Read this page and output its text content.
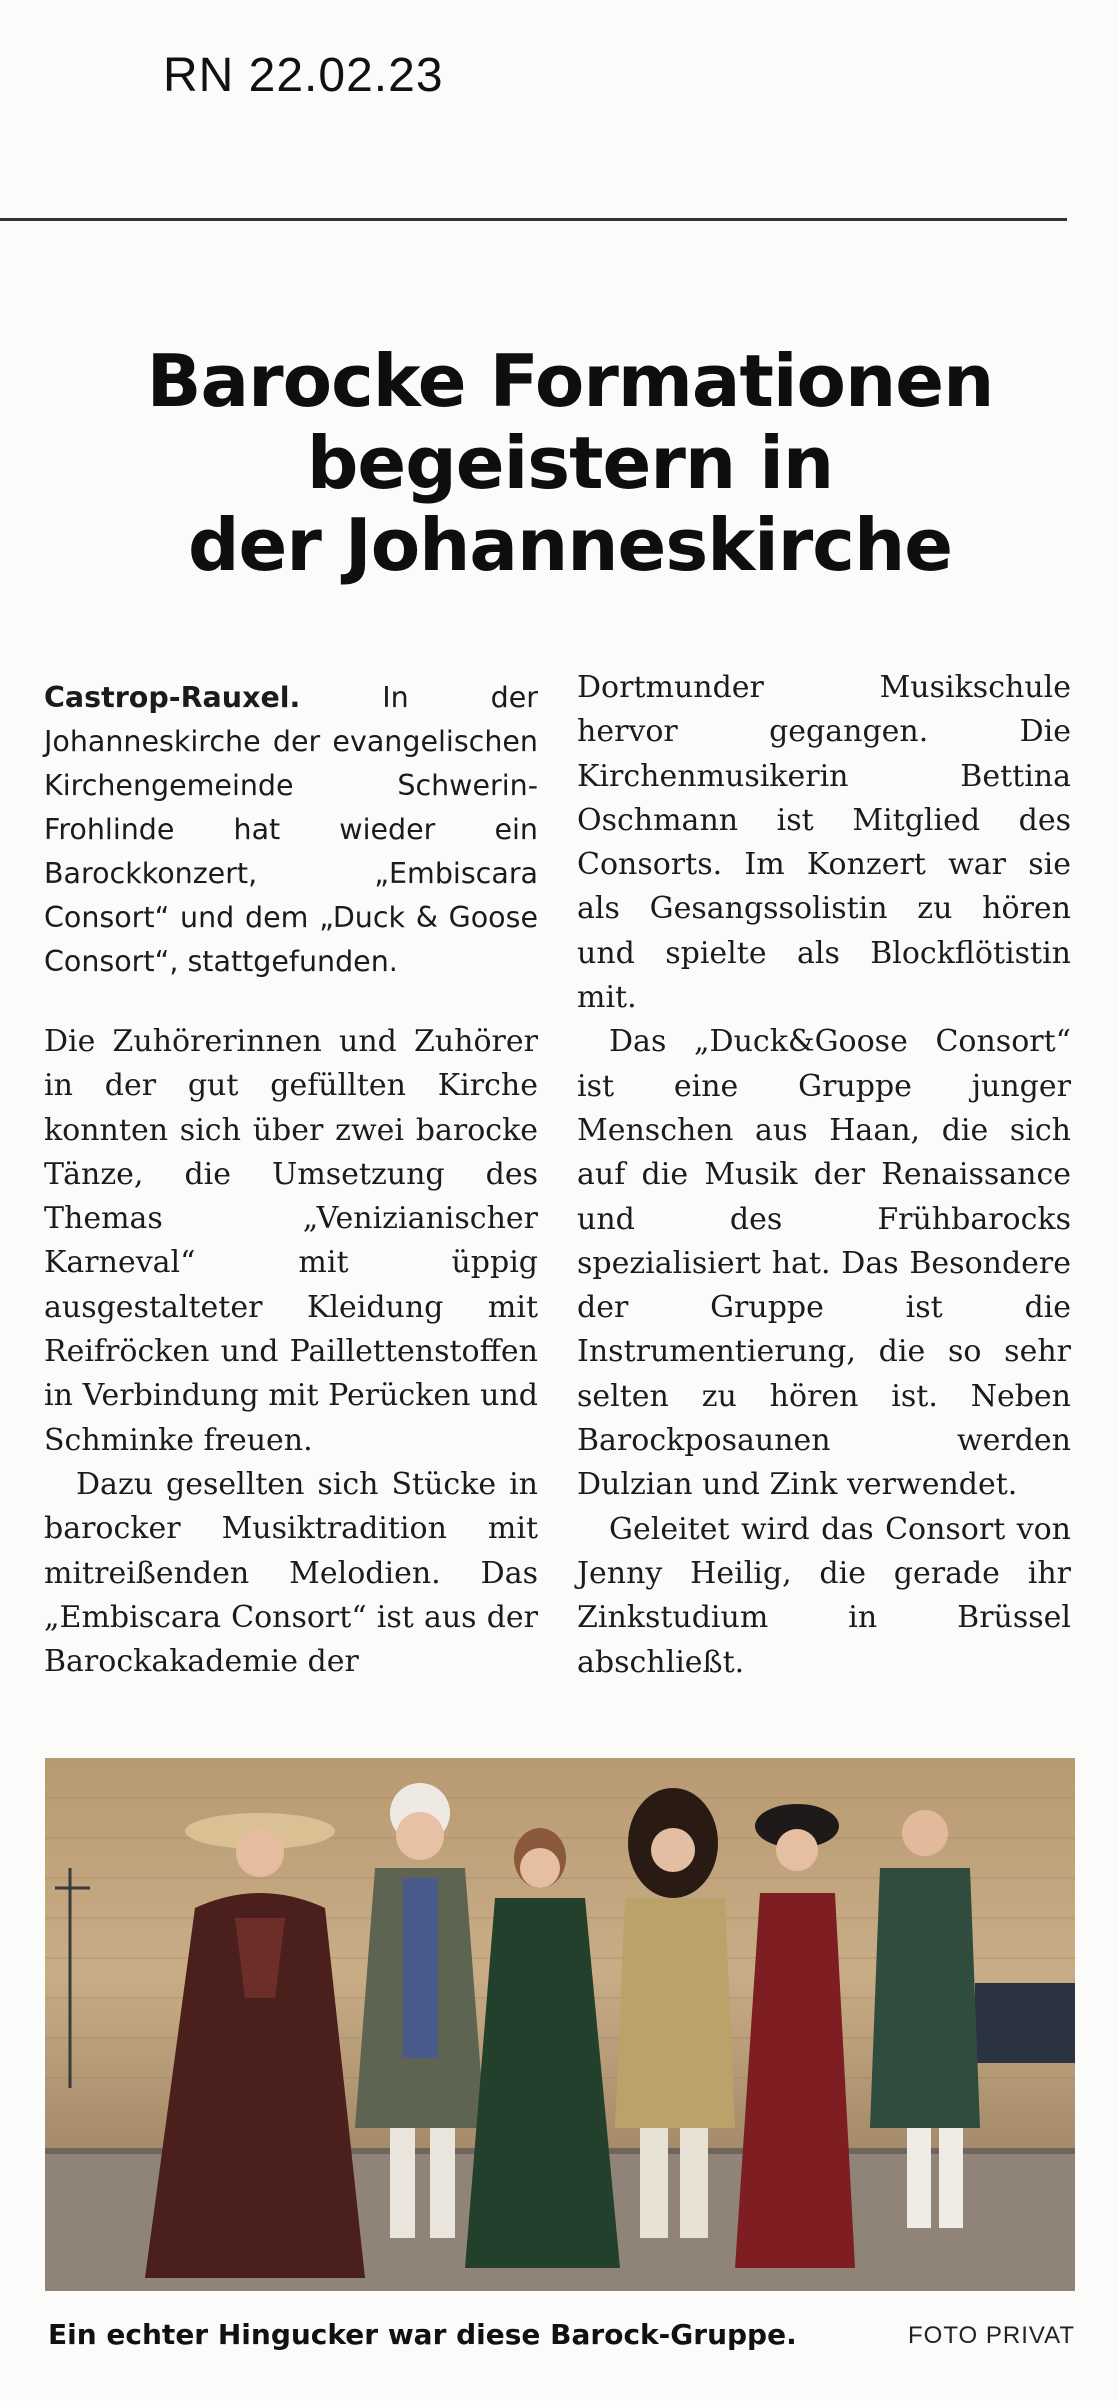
RN 22.02.23
Barocke Formationen
begeistern in
der Johanneskirche

Castrop-Rauxel.	In der Johanneskirche der evangelischen Kirchengemeinde Schwerin-Frohlinde hat wieder ein Barockkonzert, „Embiscara Consort“ und dem „Duck & Goose Consort“, stattgefunden.

Die Zuhörerinnen und Zuhörer in der gut gefüllten Kirche konnten sich über zwei barocke Tänze, die Umsetzung des Themas „Venizianischer Karneval“ mit üppig ausgestalteter Kleidung mit Reifröcken und Paillettenstoffen in Verbindung mit Perücken und Schminke freuen.

Dazu gesellten sich Stücke in barocker Musiktradition mit mitreißenden Melodien. Das „Embiscara Consort“ ist aus der Barockakademie der

Dortmunder Musikschule hervor gegangen. Die Kirchenmusikerin Bettina Oschmann ist Mitglied des Consorts. Im Konzert war sie als Gesangssolistin zu hören und spielte als Blockflötistin mit.

Das „Duck&Goose Consort“ ist eine Gruppe junger Menschen aus Haan, die sich auf die Musik der Renaissance und des Frühbarocks spezialisiert hat. Das Besondere der Gruppe ist die Instrumentierung, die so sehr selten zu hören ist. Neben Barockposaunen werden Dulzian und Zink verwendet.

Geleitet wird das Consort von Jenny Heilig, die gerade ihr Zinkstudium in Brüssel abschließt.

Ein echter Hingucker war diese Barock-Gruppe.	FOTO PRIVAT
